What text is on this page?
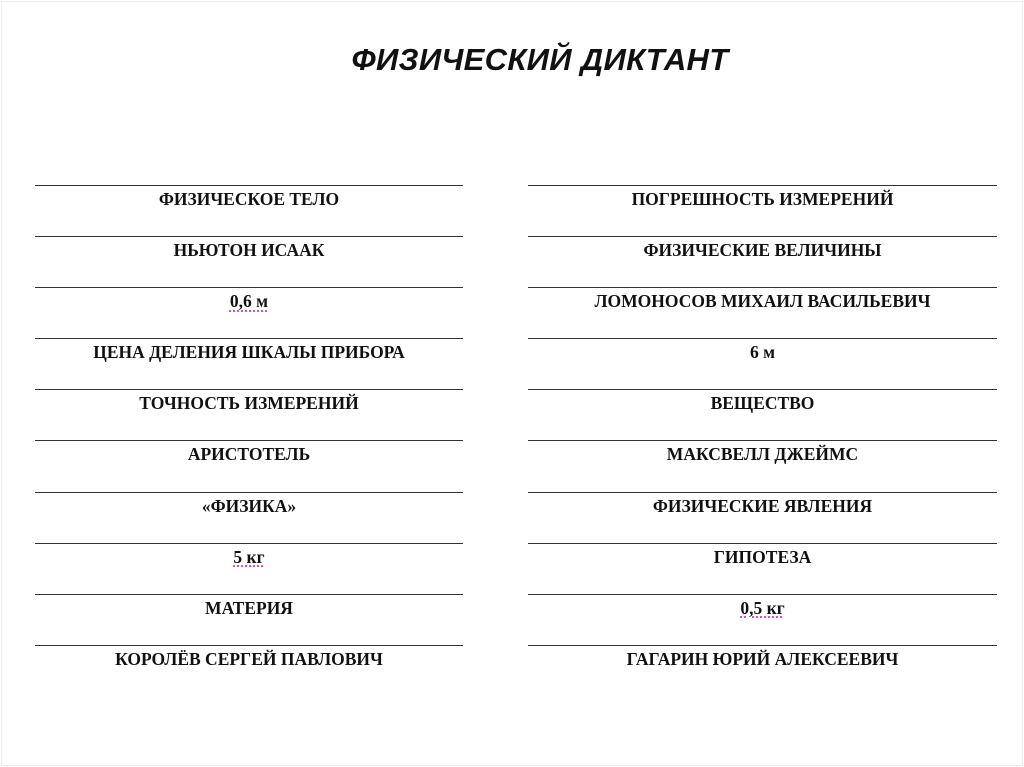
ФИЗИЧЕСКИЙ ДИКТАНТ
ФИЗИЧЕСКОЕ ТЕЛО
НЬЮТОН ИСААК
0,6 м
ЦЕНА ДЕЛЕНИЯ ШКАЛЫ ПРИБОРА
ТОЧНОСТЬ ИЗМЕРЕНИЙ
АРИСТОТЕЛЬ
«ФИЗИКА»
5 кг
МАТЕРИЯ
КОРОЛЁВ СЕРГЕЙ ПАВЛОВИЧ
ПОГРЕШНОСТЬ ИЗМЕРЕНИЙ
ФИЗИЧЕСКИЕ ВЕЛИЧИНЫ
ЛОМОНОСОВ МИХАИЛ ВАСИЛЬЕВИЧ
6 м
ВЕЩЕСТВО
МАКСВЕЛЛ ДЖЕЙМС
ФИЗИЧЕСКИЕ ЯВЛЕНИЯ
ГИПОТЕЗА
0,5 кг
ГАГАРИН ЮРИЙ АЛЕКСЕЕВИЧ
